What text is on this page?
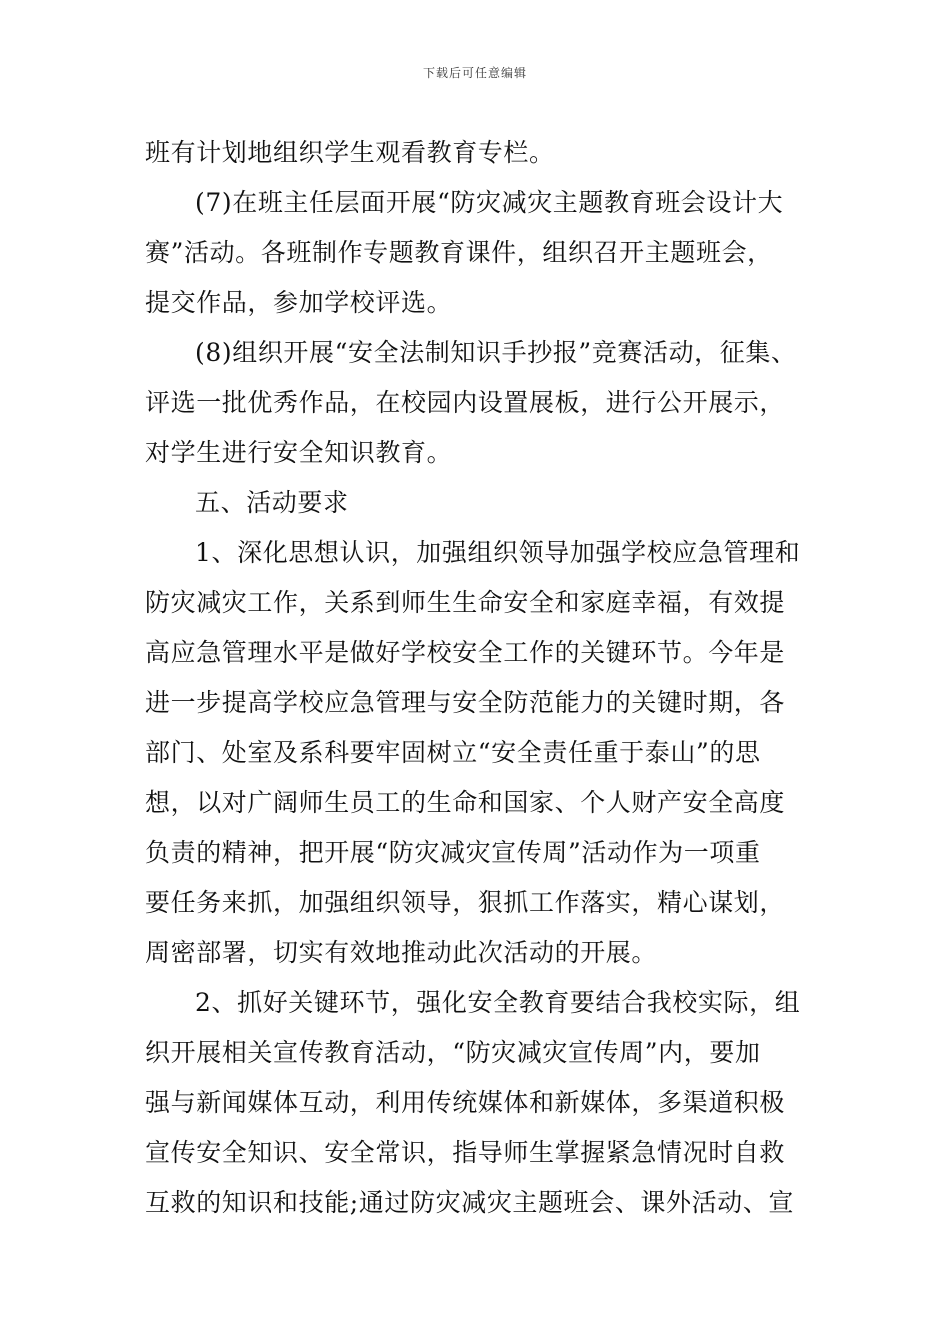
下载后可任意编辑
班有计划地组织学生观看教育专栏。
(7)在班主任层面开展“防灾减灾主题教育班会设计大
赛”活动。各班制作专题教育课件，组织召开主题班会，
提交作品，参加学校评选。
(8)组织开展“安全法制知识手抄报”竞赛活动，征集、
评选一批优秀作品，在校园内设置展板，进行公开展示，
对学生进行安全知识教育。
五、活动要求
1、深化思想认识，加强组织领导加强学校应急管理和
防灾减灾工作，关系到师生生命安全和家庭幸福，有效提
高应急管理水平是做好学校安全工作的关键环节。今年是
进一步提高学校应急管理与安全防范能力的关键时期，各
部门、处室及系科要牢固树立“安全责任重于泰山”的思
想，以对广阔师生员工的生命和国家、个人财产安全高度
负责的精神，把开展“防灾减灾宣传周”活动作为一项重
要任务来抓，加强组织领导，狠抓工作落实，精心谋划，
周密部署，切实有效地推动此次活动的开展。
2、抓好关键环节，强化安全教育要结合我校实际，组
织开展相关宣传教育活动，“防灾减灾宣传周”内，要加
强与新闻媒体互动，利用传统媒体和新媒体，多渠道积极
宣传安全知识、安全常识，指导师生掌握紧急情况时自救
互救的知识和技能;通过防灾减灾主题班会、课外活动、宣
